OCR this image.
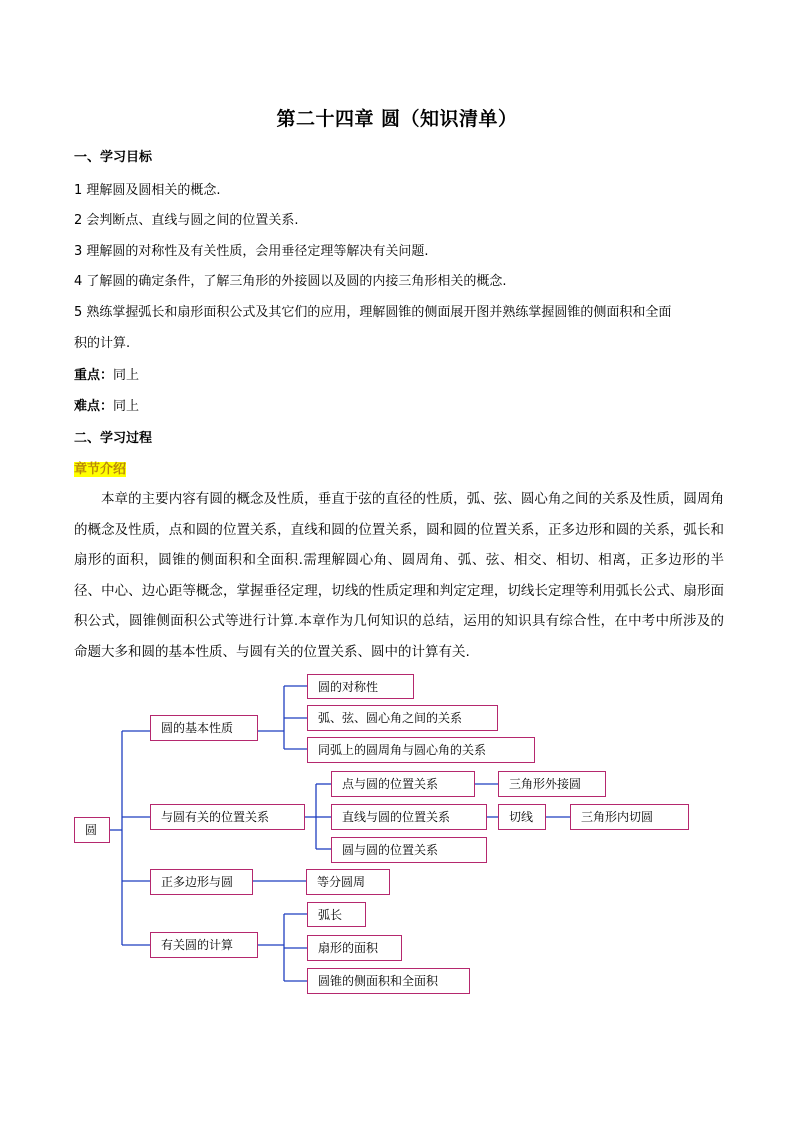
第二十四章 圆（知识清单）
一、学习目标
1 理解圆及圆相关的概念.
2 会判断点、直线与圆之间的位置关系.
3 理解圆的对称性及有关性质，会用垂径定理等解决有关问题.
4 了解圆的确定条件，了解三角形的外接圆以及圆的内接三角形相关的概念.
5 熟练掌握弧长和扇形面积公式及其它们的应用，理解圆锥的侧面展开图并熟练掌握圆锥的侧面积和全面
积的计算.
重点：同上
难点：同上
二、学习过程
章节介绍
本章的主要内容有圆的概念及性质，垂直于弦的直径的性质，弧、弦、圆心角之间的关系及性质，圆周角的概念及性质，点和圆的位置关系，直线和圆的位置关系，圆和圆的位置关系，正多边形和圆的关系，弧长和扇形的面积，圆锥的侧面积和全面积.需理解圆心角、圆周角、弧、弦、相交、相切、相离，正多边形的半径、中心、边心距等概念，掌握垂径定理，切线的性质定理和判定定理，切线长定理等利用弧长公式、扇形面积公式，圆锥侧面积公式等进行计算.本章作为几何知识的总结，运用的知识具有综合性，在中考中所涉及的命题大多和圆的基本性质、与圆有关的位置关系、圆中的计算有关.
圆
圆的基本性质
圆的对称性
弧、弦、圆心角之间的关系
同弧上的圆周角与圆心角的关系
与圆有关的位置关系
点与圆的位置关系	三角形外接圆
直线与圆的位置关系	切线	三角形内切圆
圆与圆的位置关系
正多边形与圆	等分圆周
有关圆的计算
弧长
扇形的面积
圆锥的侧面积和全面积
